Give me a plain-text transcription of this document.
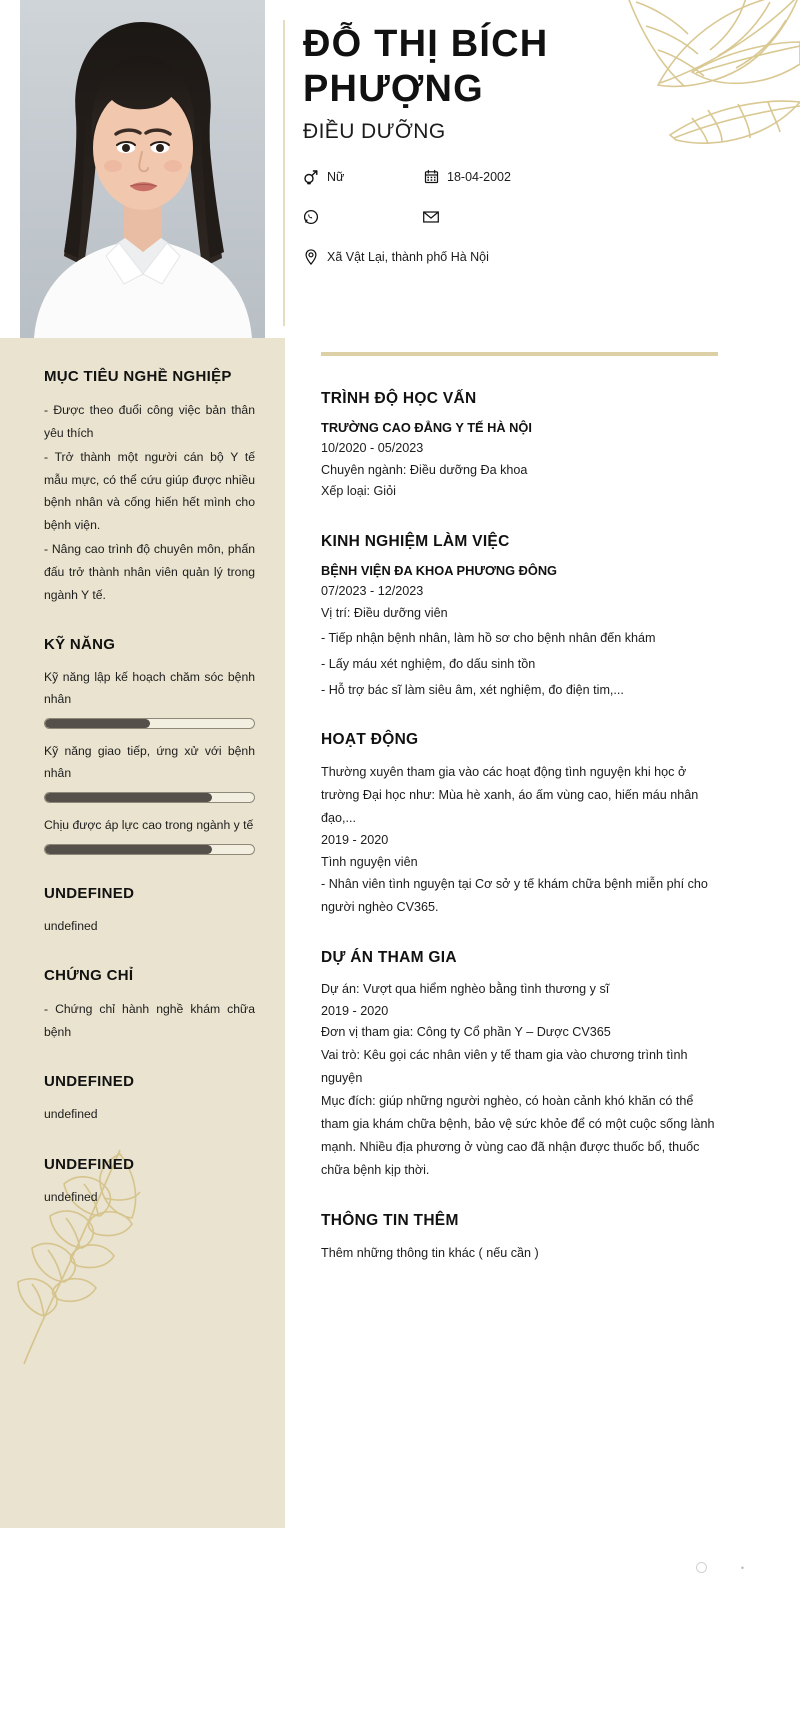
ĐỖ THỊ BÍCH PHƯỢNG
ĐIỀU DƯỠNG
Nữ	18-04-2002
Xã Vật Lại, thành phố Hà Nội
MỤC TIÊU NGHỀ NGHIỆP
- Được theo đuổi công việc bản thân yêu thích
- Trở thành một người cán bộ Y tế mẫu mực, có thể cứu giúp được nhiều bệnh nhân và cống hiến hết mình cho bệnh viện.
- Nâng cao trình độ chuyên môn, phấn đấu trở thành nhân viên quản lý trong ngành Y tế.
KỸ NĂNG
Kỹ năng lập kế hoạch chăm sóc bệnh nhân
Kỹ năng giao tiếp, ứng xử với bệnh nhân
Chịu được áp lực cao trong ngành y tế
UNDEFINED
undefined
CHỨNG CHỈ
- Chứng chỉ hành nghề khám chữa bệnh
UNDEFINED
undefined
UNDEFINED
undefined
TRÌNH ĐỘ HỌC VẤN
TRƯỜNG CAO ĐẲNG Y TẾ HÀ NỘI
10/2020 - 05/2023
Chuyên ngành: Điều dưỡng Đa khoa
Xếp loại: Giỏi
KINH NGHIỆM LÀM VIỆC
BỆNH VIỆN ĐA KHOA PHƯƠNG ĐÔNG
07/2023 - 12/2023
Vị trí: Điều dưỡng viên
- Tiếp nhận bệnh nhân, làm hồ sơ cho bệnh nhân đến khám
- Lấy máu xét nghiệm, đo dấu sinh tồn
- Hỗ trợ bác sĩ làm siêu âm, xét nghiệm, đo điện tim,...
HOẠT ĐỘNG
Thường xuyên tham gia vào các hoạt động tình nguyện khi học ở trường Đại học như: Mùa hè xanh, áo ấm vùng cao, hiến máu nhân đạo,...
2019 - 2020
Tình nguyện viên
- Nhân viên tình nguyện tại Cơ sở y tế khám chữa bệnh miễn phí cho người nghèo CV365.
DỰ ÁN THAM GIA
Dự án: Vượt qua hiểm nghèo bằng tình thương y sĩ
2019 - 2020
Đơn vị tham gia: Công ty Cổ phần Y – Dược CV365
Vai trò: Kêu gọi các nhân viên y tế tham gia vào chương trình tình nguyện
Mục đích: giúp những người nghèo, có hoàn cảnh khó khăn có thể tham gia khám chữa bệnh, bảo vệ sức khỏe để có một cuộc sống lành mạnh. Nhiều địa phương ở vùng cao đã nhận được thuốc bổ, thuốc chữa bệnh kịp thời.
THÔNG TIN THÊM
Thêm những thông tin khác ( nếu cần )
•
